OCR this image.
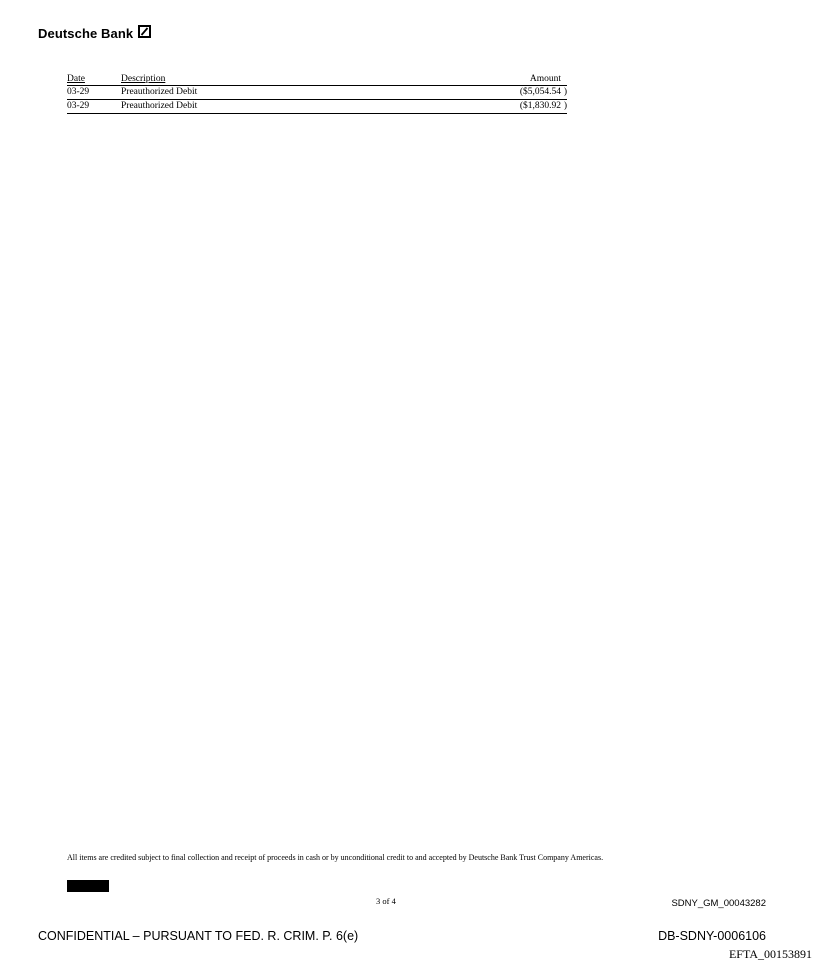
Deutsche Bank
Date	Description	Amount
03-29	Preauthorized Debit	($5,054.54 )
03-29	Preauthorized Debit	($1,830.92 )
All items are credited subject to final collection and receipt of proceeds in cash or by unconditional credit to and accepted by Deutsche Bank Trust Company Americas.
3 of 4	SDNY_GM_00043282
CONFIDENTIAL – PURSUANT TO FED. R. CRIM. P. 6(e)	DB-SDNY-0006106
EFTA_00153891
